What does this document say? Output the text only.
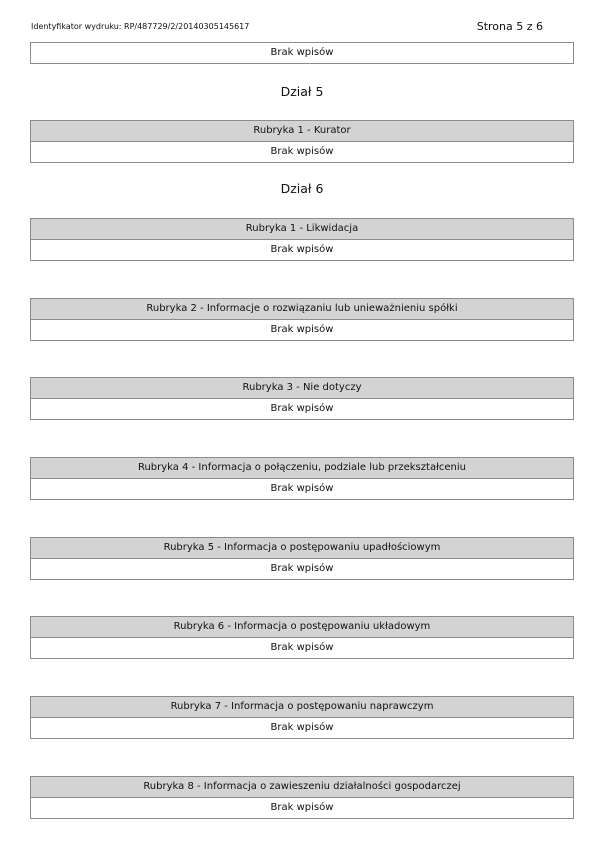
Identyfikator wydruku: RP/487729/2/20140305145617	Strona 5 z 6
Brak wpisów
Dział 5
Rubryka 1 - Kurator
Brak wpisów
Dział 6
Rubryka 1 - Likwidacja
Brak wpisów
Rubryka 2 - Informacje o rozwiązaniu lub unieważnieniu spółki
Brak wpisów
Rubryka 3 - Nie dotyczy
Brak wpisów
Rubryka 4 - Informacja o połączeniu, podziale lub przekształceniu
Brak wpisów
Rubryka 5 - Informacja o postępowaniu upadłościowym
Brak wpisów
Rubryka 6 - Informacja o postępowaniu układowym
Brak wpisów
Rubryka 7 - Informacja o postępowaniu naprawczym
Brak wpisów
Rubryka 8 - Informacja o zawieszeniu działalności gospodarczej
Brak wpisów
